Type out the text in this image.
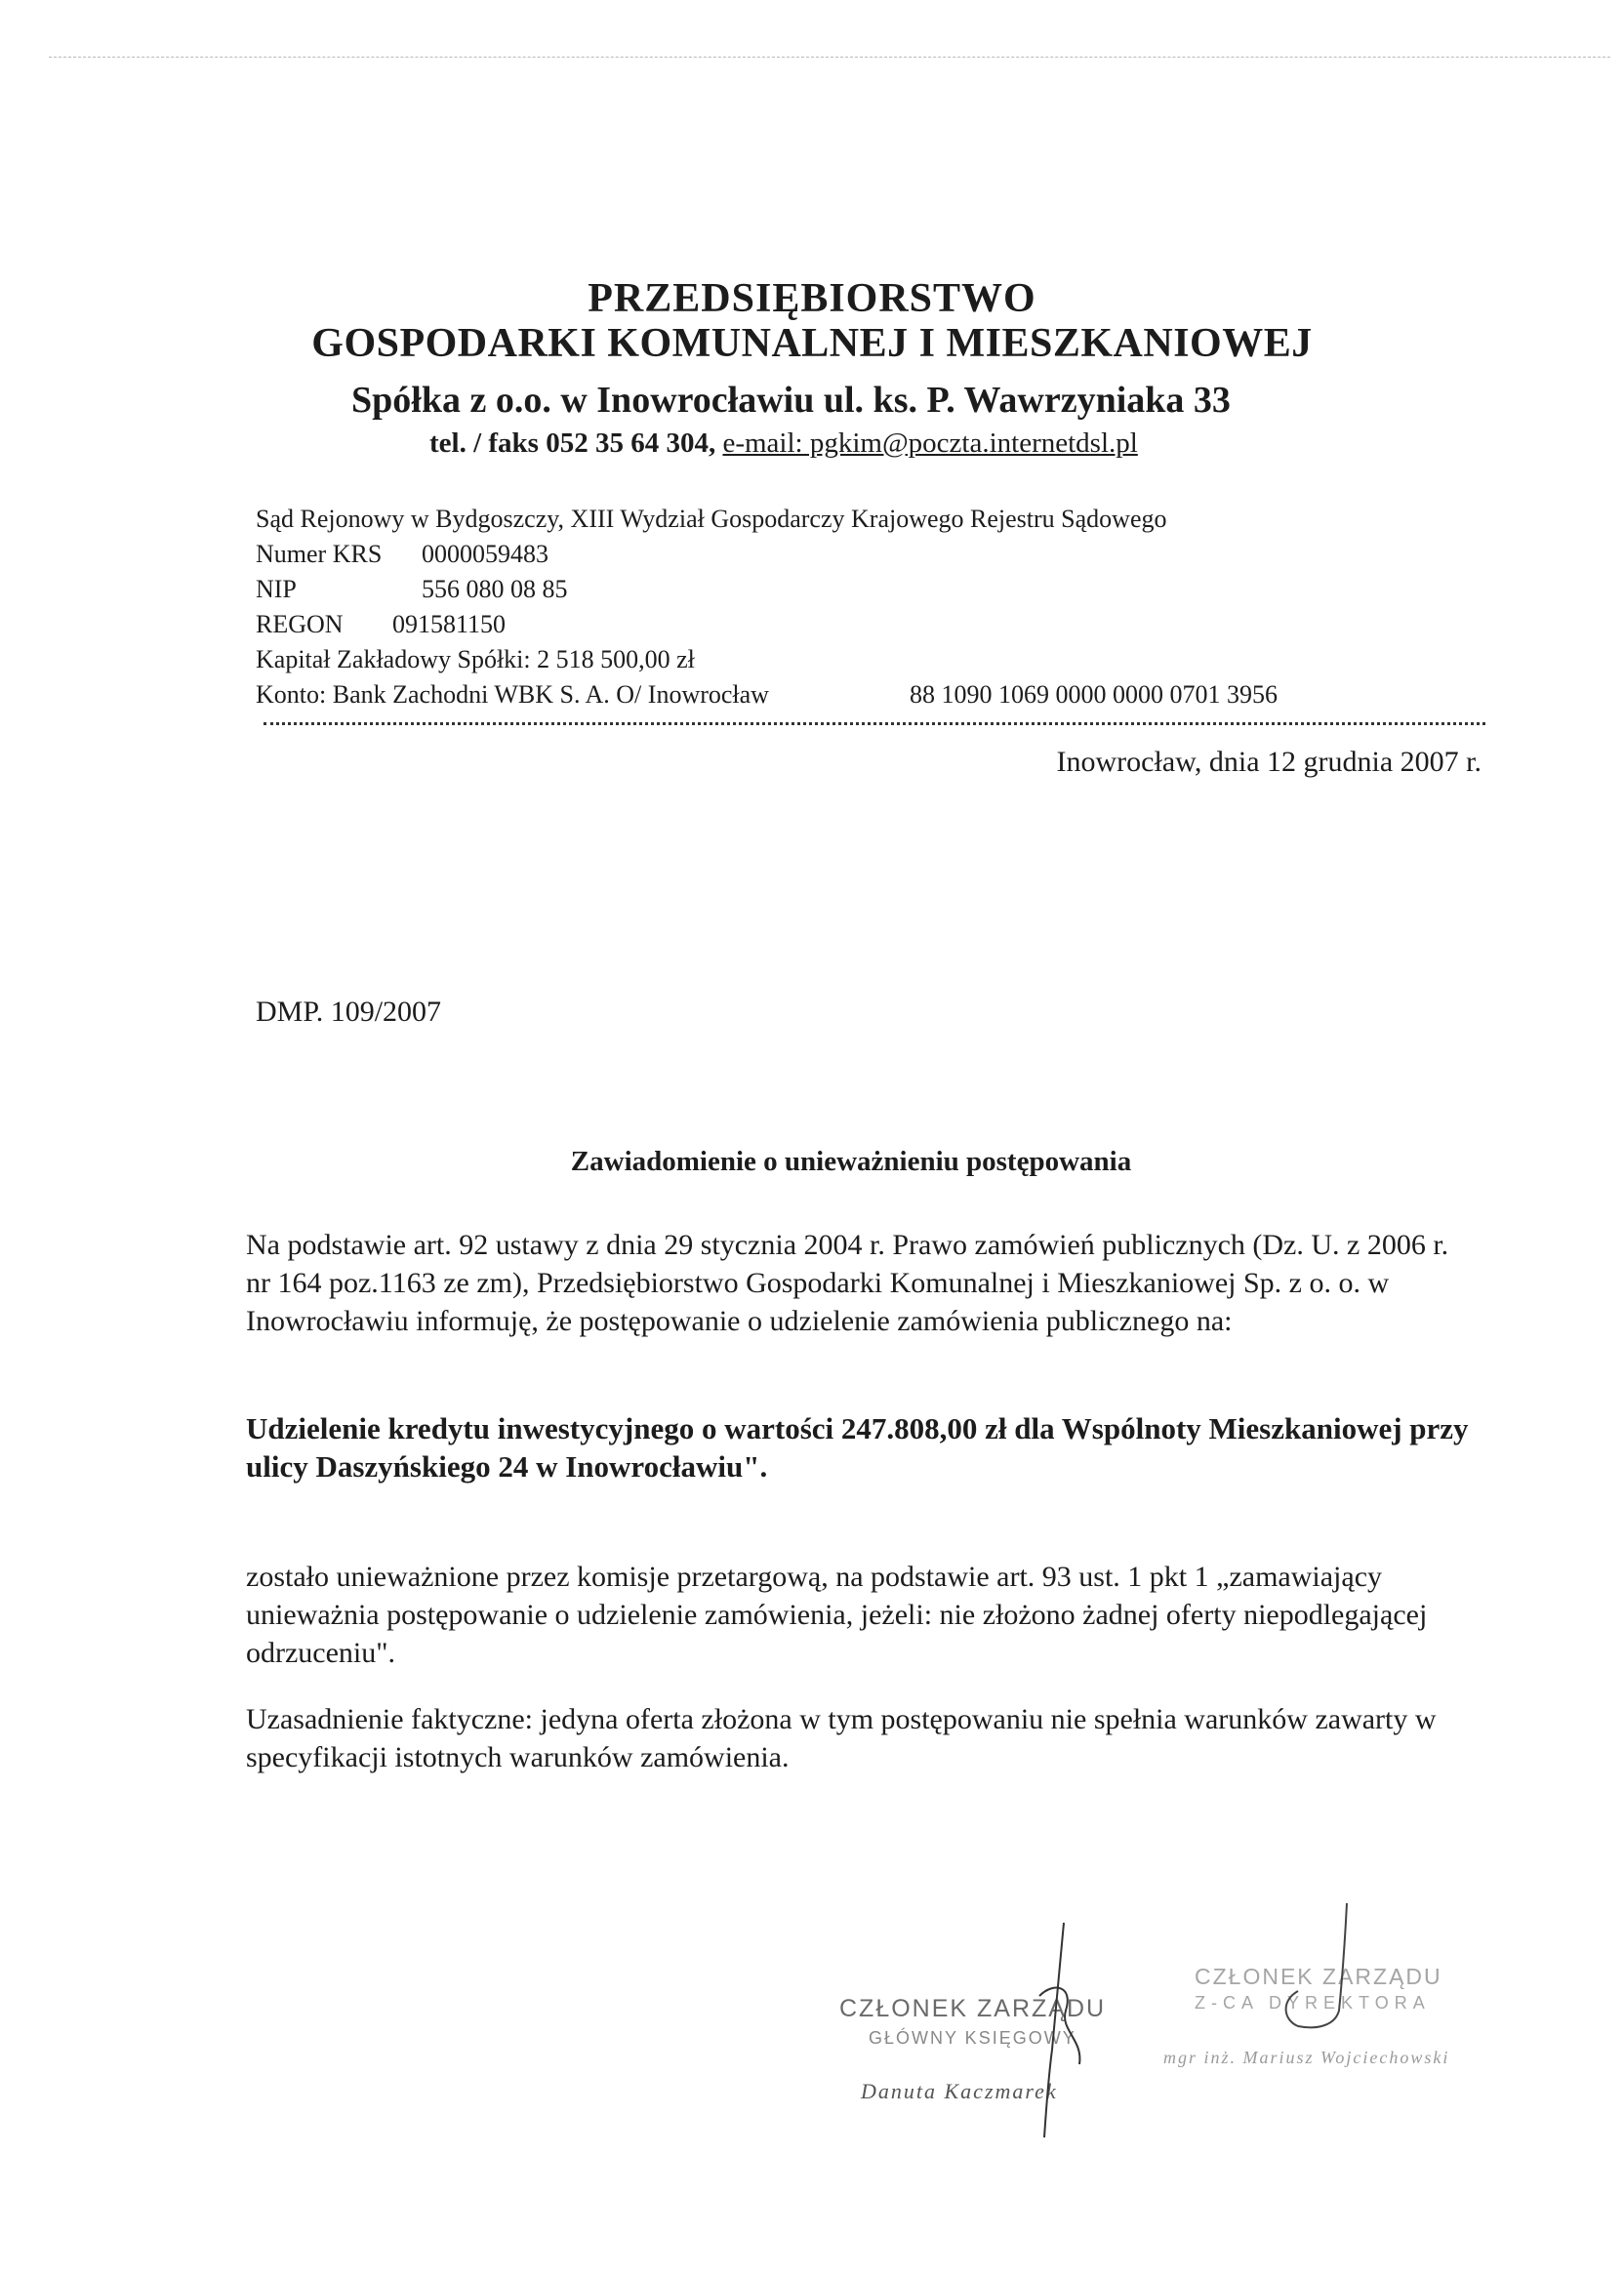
PRZEDSIĘBIORSTWO
GOSPODARKI KOMUNALNEJ I MIESZKANIOWEJ
Spółka z o.o. w Inowrocławiu ul. ks. P. Wawrzyniaka 33
tel. / faks 052 35 64 304, e-mail: pgkim@poczta.internetdsl.pl
Sąd Rejonowy w Bydgoszczy, XIII Wydział Gospodarczy Krajowego Rejestru Sądowego
Numer KRS 0000059483
NIP	556 080 08 85
REGON 091581150
Kapitał Zakładowy Spółki: 2 518 500,00 zł
Konto: Bank Zachodni WBK S. A. O/ Inowrocław	88 1090 1069 0000 0000 0701 3956
Inowrocław, dnia 12 grudnia 2007 r.
DMP. 109/2007
Zawiadomienie o unieważnieniu postępowania
Na podstawie art. 92 ustawy z dnia 29 stycznia 2004 r. Prawo zamówień publicznych (Dz. U. z 2006 r. nr 164 poz.1163 ze zm), Przedsiębiorstwo Gospodarki Komunalnej i Mieszkaniowej Sp. z o. o. w Inowrocławiu informuję, że postępowanie o udzielenie zamówienia publicznego na:
Udzielenie kredytu inwestycyjnego o wartości 247.808,00 zł dla Wspólnoty Mieszkaniowej przy ulicy Daszyńskiego 24 w Inowrocławiu".
zostało unieważnione przez komisje przetargową, na podstawie art. 93 ust. 1 pkt 1 „zamawiający unieważnia postępowanie o udzielenie zamówienia, jeżeli: nie złożono żadnej oferty niepodlegającej odrzuceniu".
Uzasadnienie faktyczne: jedyna oferta złożona w tym postępowaniu nie spełnia warunków zawarty w specyfikacji istotnych warunków zamówienia.
CZŁONEK ZARZĄDU
GŁÓWNY KSIĘGOWY
Danuta Kaczmarek
CZŁONEK ZARZĄDU
Z-CA DYREKTORA
mgr inż. Mariusz Wojciechowski
